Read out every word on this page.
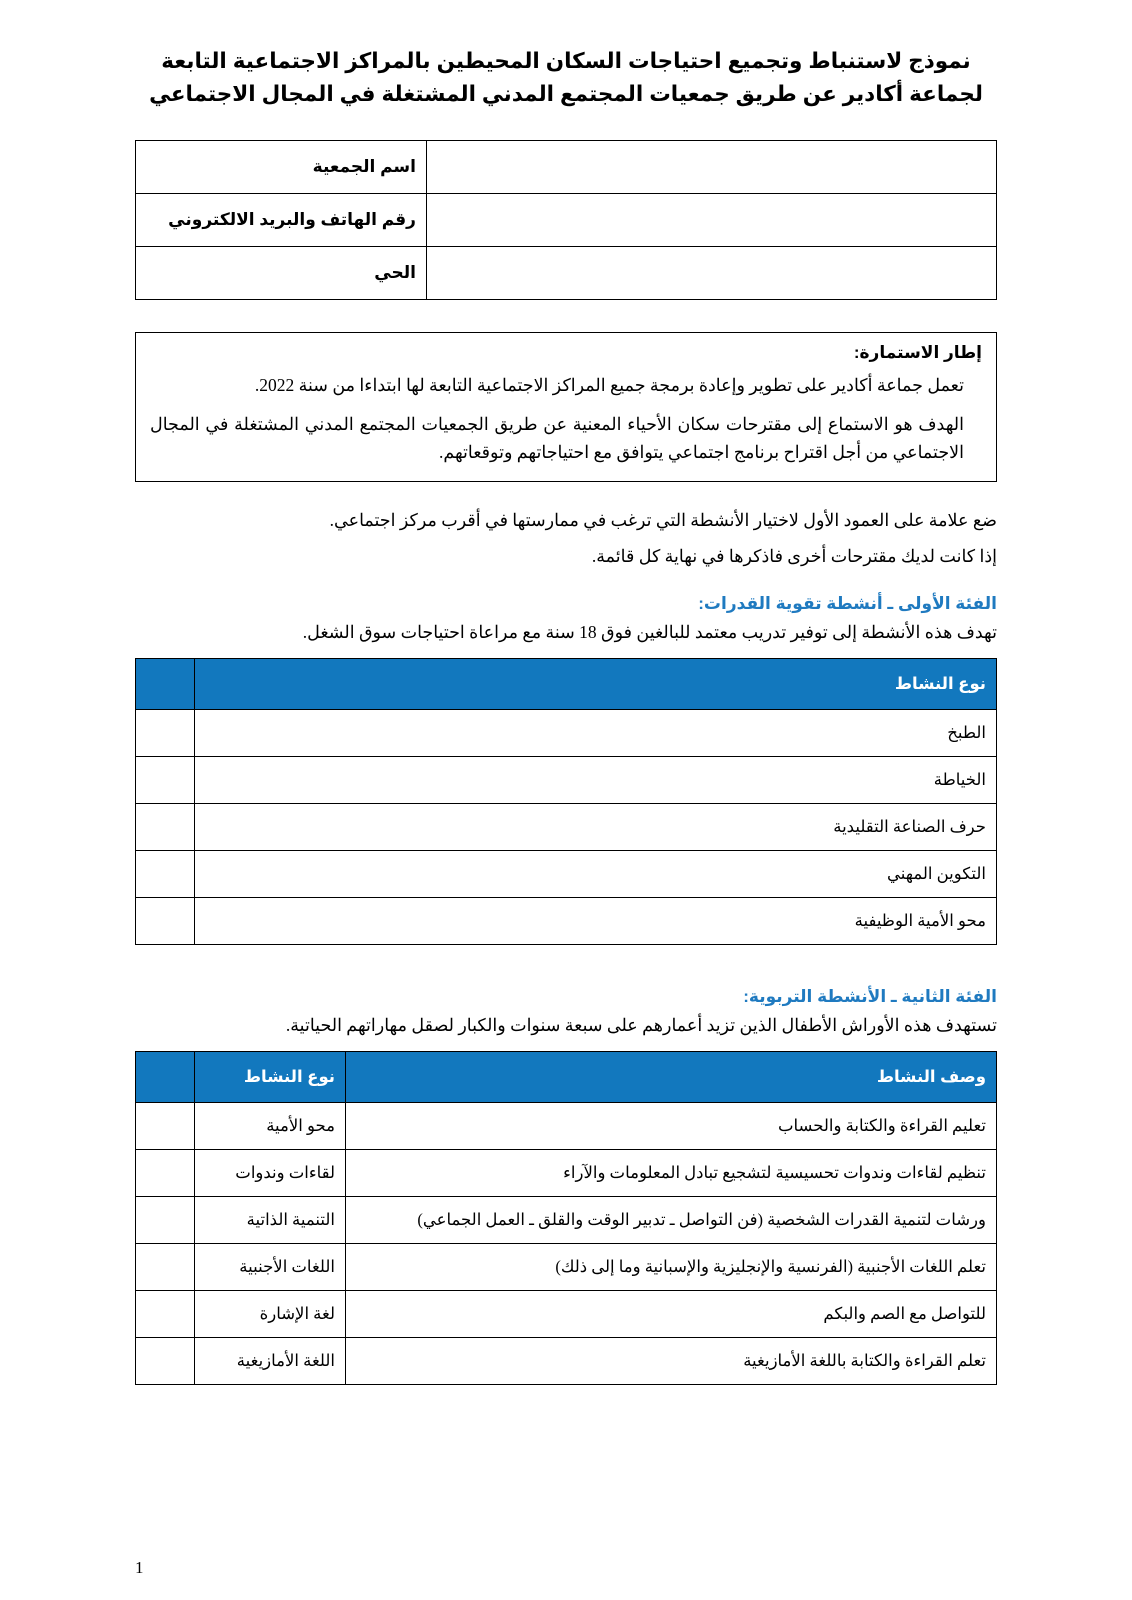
نموذج لاستنباط وتجميع احتياجات السكان المحيطين بالمراكز الاجتماعية التابعة لجماعة أكادير عن طريق جمعيات المجتمع المدني المشتغلة في المجال الاجتماعي
	اسم الجمعية
	رقم الهاتف والبريد الالكتروني
	الحي
إطار الاستمارة:

تعمل جماعة أكادير على تطوير وإعادة برمجة جميع المراكز الاجتماعية التابعة لها ابتداءا من سنة 2022.

الهدف هو الاستماع إلى مقترحات سكان الأحياء المعنية عن طريق الجمعيات المجتمع المدني المشتغلة في المجال الاجتماعي من أجل اقتراح برنامج اجتماعي يتوافق مع احتياجاتهم وتوقعاتهم.

ضع علامة على العمود الأول لاختيار الأنشطة التي ترغب في ممارستها في أقرب مركز اجتماعي.

إذا كانت لديك مقترحات أخرى فاذكرها في نهاية كل قائمة.

الفئة الأولى ـ أنشطة تقوية القدرات:
تهدف هذه الأنشطة إلى توفير تدريب معتمد للبالغين فوق 18 سنة مع مراعاة احتياجات سوق الشغل.
نوع النشاط	
الطبخ	
الخياطة	
حرف الصناعة التقليدية	
التكوين المهني	
محو الأمية الوظيفية	
الفئة الثانية ـ الأنشطة التربوية:
تستهدف هذه الأوراش الأطفال الذين تزيد أعمارهم على سبعة سنوات والكبار لصقل مهاراتهم الحياتية.
وصف النشاط	نوع النشاط	
تعليم القراءة والكتابة والحساب	محو الأمية	
تنظيم لقاءات وندوات تحسيسية لتشجيع تبادل المعلومات والآراء	لقاءات وندوات	
ورشات لتنمية القدرات الشخصية (فن التواصل ـ تدبير الوقت والقلق ـ العمل الجماعي)	التنمية الذاتية	
تعلم اللغات الأجنبية (الفرنسية والإنجليزية والإسبانية وما إلى ذلك)	اللغات الأجنبية	
للتواصل مع الصم والبكم	لغة الإشارة	
تعلم القراءة والكتابة باللغة الأمازيغية	اللغة الأمازيغية	
1
